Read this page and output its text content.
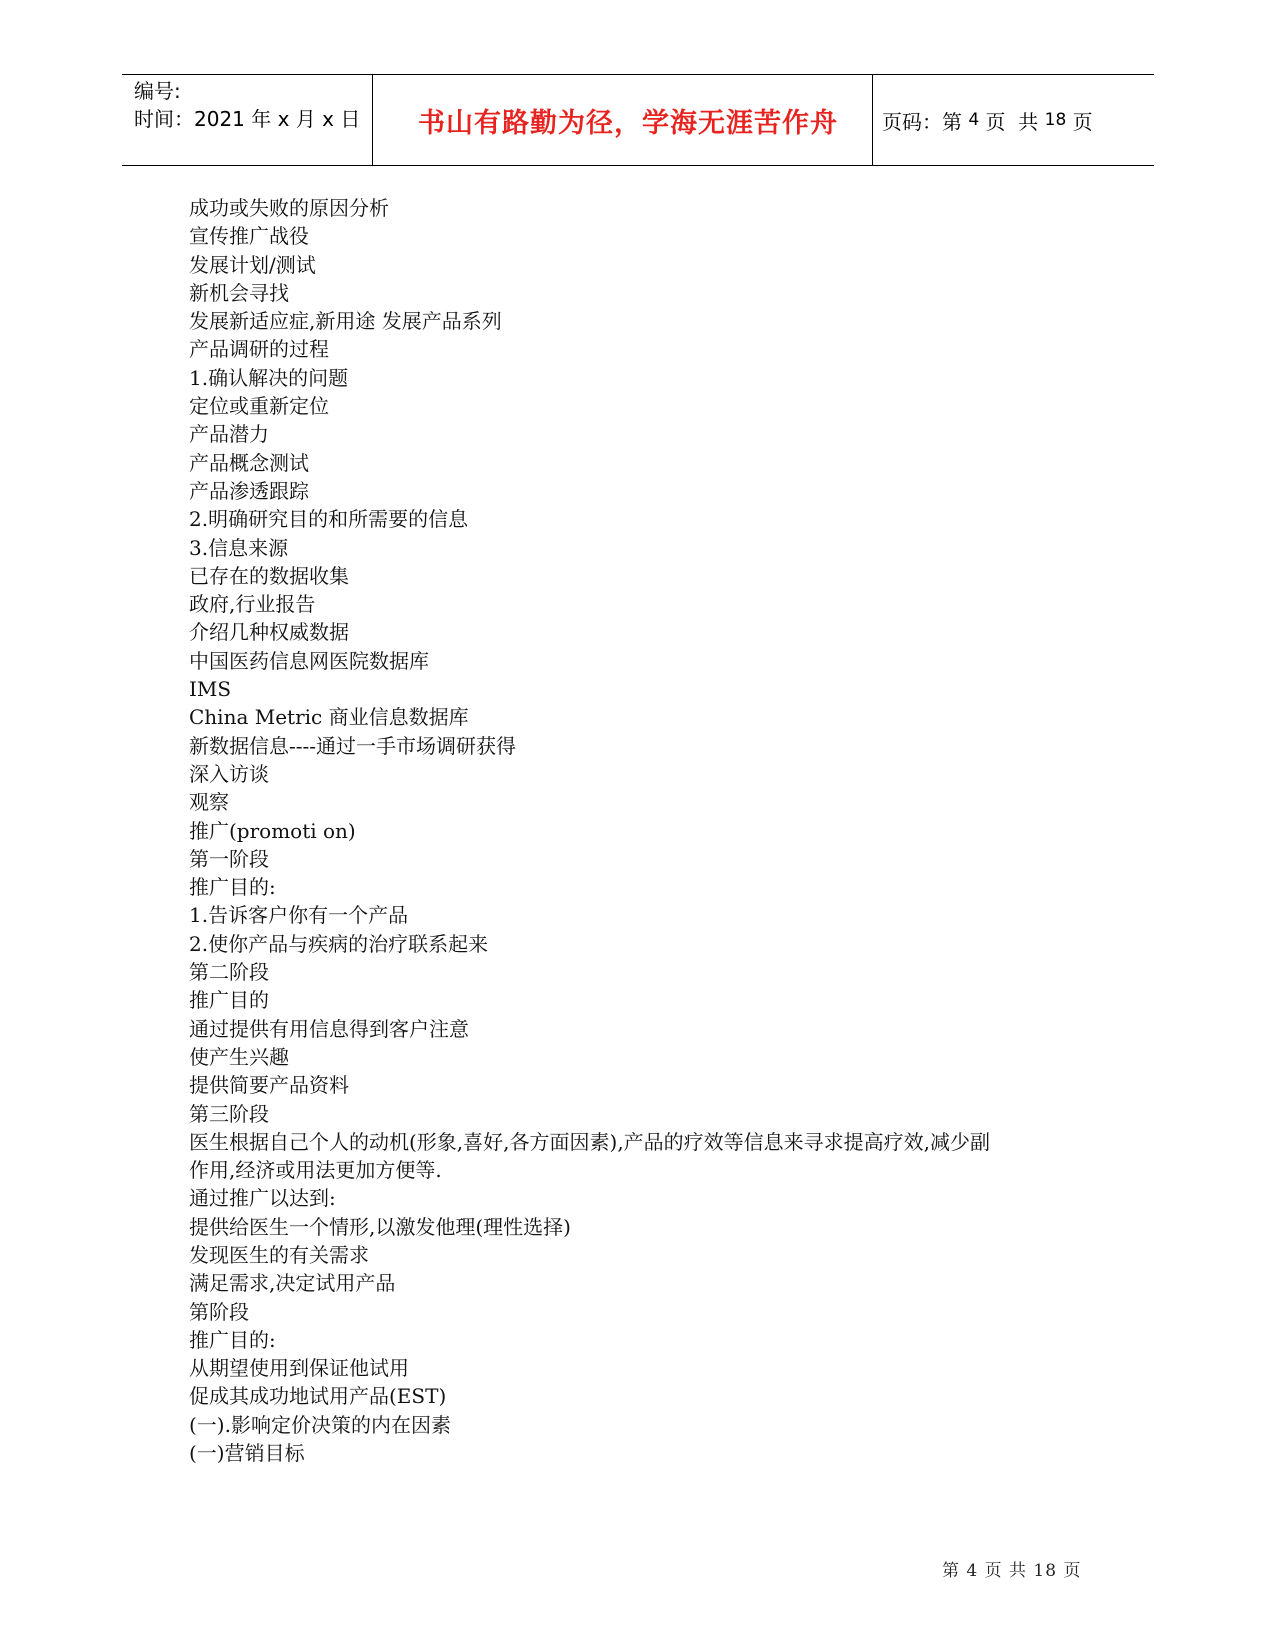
编号:
时间：2021 年 x 月 x 日	书山有路勤为径，学海无涯苦作舟	页码：第 4 页  共 18 页
成功或失败的原因分析
宣传推广战役
发展计划/测试
新机会寻找
发展新适应症,新用途 发展产品系列
产品调研的过程
1.确认解决的问题
定位或重新定位
产品潜力
产品概念测试
产品渗透跟踪
2.明确研究目的和所需要的信息
3.信息来源
已存在的数据收集
政府,行业报告
介绍几种权威数据
中国医药信息网医院数据库
IMS
China Metric 商业信息数据库
新数据信息----通过一手市场调研获得
深入访谈
观察
推广(promoti on)
第一阶段
推广目的:
1.告诉客户你有一个产品
2.使你产品与疾病的治疗联系起来
第二阶段
推广目的
通过提供有用信息得到客户注意
使产生兴趣
提供简要产品资料
第三阶段
医生根据自己个人的动机(形象,喜好,各方面因素),产品的疗效等信息来寻求提高疗效,减少副
作用,经济或用法更加方便等.
通过推广以达到:
提供给医生一个情形,以激发他理(理性选择)
发现医生的有关需求
满足需求,决定试用产品
第阶段
推广目的:
从期望使用到保证他试用
促成其成功地试用产品(EST)
(一).影响定价决策的内在因素
(一)营销目标
第 4 页 共 18 页
